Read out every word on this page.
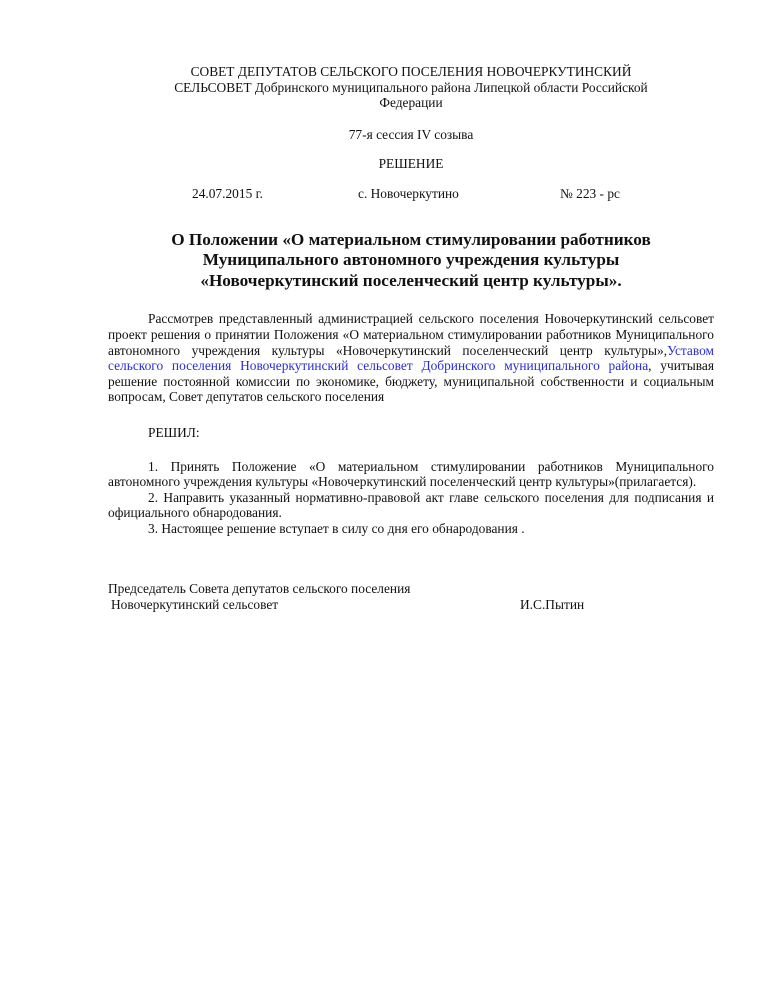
СОВЕТ ДЕПУТАТОВ СЕЛЬСКОГО ПОСЕЛЕНИЯ НОВОЧЕРКУТИНСКИЙ
СЕЛЬСОВЕТ Добринского муниципального района Липецкой области Российской
Федерации
77-я сессия IV созыва
РЕШЕНИЕ
24.07.2015 г.	с. Новочеркутино	№ 223 - рс
О Положении «О материальном стимулировании работников
Муниципального автономного учреждения культуры
«Новочеркутинский поселенческий центр культуры».
Рассмотрев представленный администрацией сельского поселения Новочеркутинский сельсовет проект решения о принятии Положения «О материальном стимулировании работников Муниципального автономного учреждения культуры «Новочеркутинский поселенческий центр культуры»,Уставом сельского поселения Новочеркутинский сельсовет Добринского муниципального района, учитывая решение постоянной комиссии по экономике, бюджету, муниципальной собственности и социальным вопросам, Совет депутатов сельского поселения
РЕШИЛ:
1. Принять Положение «О материальном стимулировании работников Муниципального автономного учреждения культуры «Новочеркутинский поселенческий центр культуры»(прилагается).
2. Направить указанный нормативно-правовой акт главе сельского поселения для подписания и официального обнародования.
3. Настоящее решение вступает в силу со дня его обнародования .
Председатель Совета депутатов сельского поселения
Новочеркутинский сельсовет	И.С.Пытин
